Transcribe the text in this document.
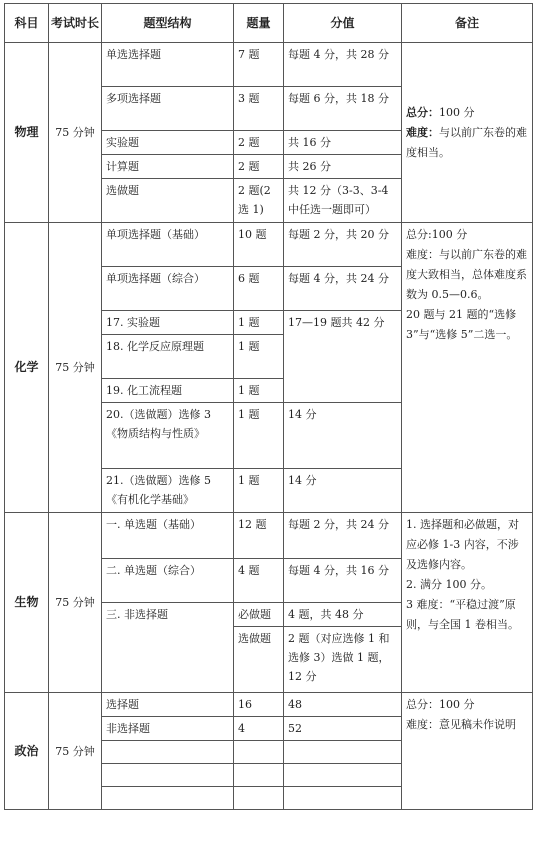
科目	考试时长	题型结构	题量	分值	备注
物理	75 分钟	单选选择题	7 题	每题 4 分，共 28 分	总分：100 分
难度：与以前广东卷的难度相当。

		多项选择题	3 题	每题 6 分，共 18 分	
		实验题	2 题	共 16 分	
		计算题	2 题	共 26 分	
		选做题	2 题(2 选 1)	共 12 分（3-3、3-4 中任选一题即可）	
化学	75 分钟	单项选择题（基础）	10 题	每题 2 分，共 20 分	总分:100 分
难度：与以前广东卷的难度大致相当，总体难度系数为 0.5—0.6。
20 题与 21 题的“选修 3”与“选修 5”二选一。

		单项选择题（综合）	6 题	每题 4 分，共 24 分	
		17. 实验题	1 题	17—19 题共 42 分	
		18. 化学反应原理题	1 题		
		19. 化工流程题	1 题		
		20.（选做题）选修 3《物质结构与性质》	1 题	14 分	
		21.（选做题）选修 5《有机化学基础》	1 题	14 分	
生物	75 分钟	一. 单选题（基础）	12 题	每题 2 分，共 24 分	1. 选择题和必做题，对应必修 1-3 内容，不涉及选修内容。
2. 满分 100 分。
3 难度：“平稳过渡”原则，与全国 1 卷相当。

		二. 单选题（综合）	4 题	每题 4 分，共 16 分	
		三. 非选择题	必做题	4 题，共 48 分	
			选做题	2 题（对应选修 1 和选修 3）选做 1 题，12 分	
政治	75 分钟	选择题	16	48	总分：100 分
难度：意见稿未作说明

		非选择题	4	52	
